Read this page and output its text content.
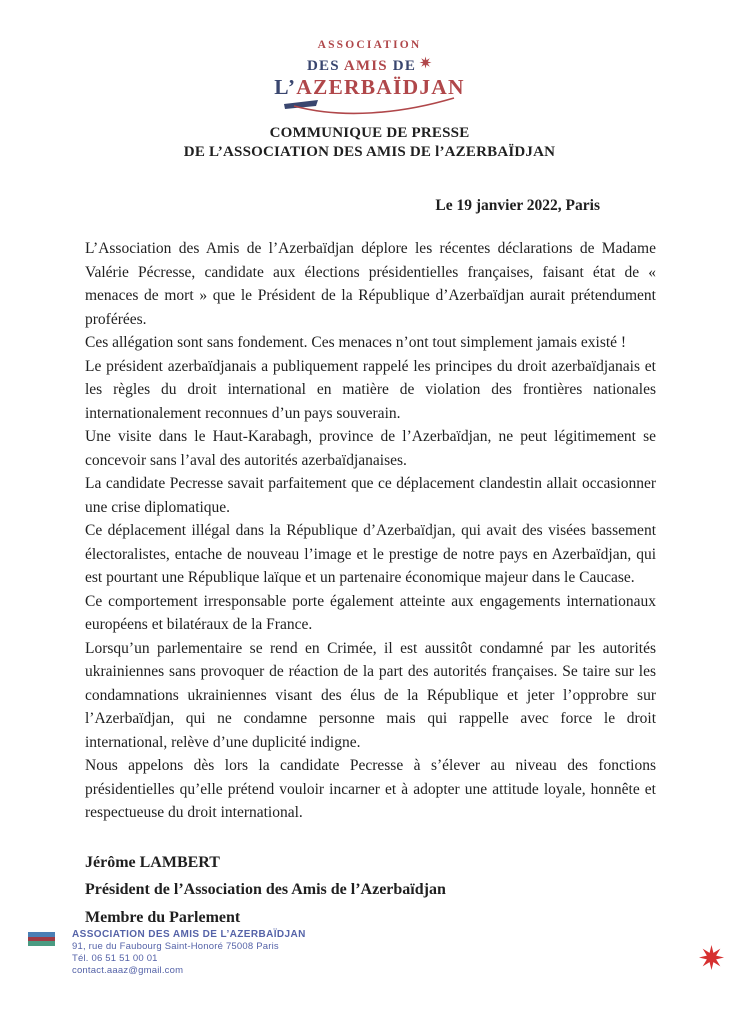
ASSOCIATION
DES AMIS DE
L’AZERBAÏDJAN
COMMUNIQUE DE PRESSE
DE L’ASSOCIATION DES AMIS DE l’AZERBAÏDJAN
Le 19 janvier 2022, Paris

L’Association des Amis de l’Azerbaïdjan déplore les récentes déclarations de Madame Valérie Pécresse, candidate aux élections présidentielles françaises, faisant état de « menaces de mort » que le Président de la République d’Azerbaïdjan aurait prétendument proférées.

Ces allégation sont sans fondement. Ces menaces n’ont tout simplement jamais existé !

Le président azerbaïdjanais a publiquement rappelé les principes du droit azerbaïdjanais et les règles du droit international en matière de violation des frontières nationales internationalement reconnues d’un pays souverain.

Une visite dans le Haut-Karabagh, province de l’Azerbaïdjan, ne peut légitimement se concevoir sans l’aval des autorités azerbaïdjanaises.

La candidate Pecresse savait parfaitement que ce déplacement clandestin allait occasionner une crise diplomatique.

Ce déplacement illégal dans la République d’Azerbaïdjan, qui avait des visées bassement électoralistes, entache de nouveau l’image et le prestige de notre pays en Azerbaïdjan, qui est pourtant une République laïque et un partenaire économique majeur dans le Caucase.

Ce comportement irresponsable porte également atteinte aux engagements internationaux européens et bilatéraux de la France.

Lorsqu’un parlementaire se rend en Crimée, il est aussitôt condamné par les autorités ukrainiennes sans provoquer de réaction de la part des autorités françaises. Se taire sur les condamnations ukrainiennes visant des élus de la République et jeter l’opprobre sur l’Azerbaïdjan, qui ne condamne personne mais qui rappelle avec force le droit international, relève d’une duplicité indigne.

Nous appelons dès lors la candidate Pecresse à s’élever au niveau des fonctions présidentielles qu’elle prétend vouloir incarner et à adopter une attitude loyale, honnête et respectueuse du droit international.

Jérôme LAMBERT
Président de l’Association des Amis de l’Azerbaïdjan
Membre du Parlement
ASSOCIATION DES AMIS DE L’AZERBAÏDJAN
91, rue du Faubourg Saint-Honoré 75008 Paris
Tél. 06 51 51 00 01
contact.aaaz@gmail.com
